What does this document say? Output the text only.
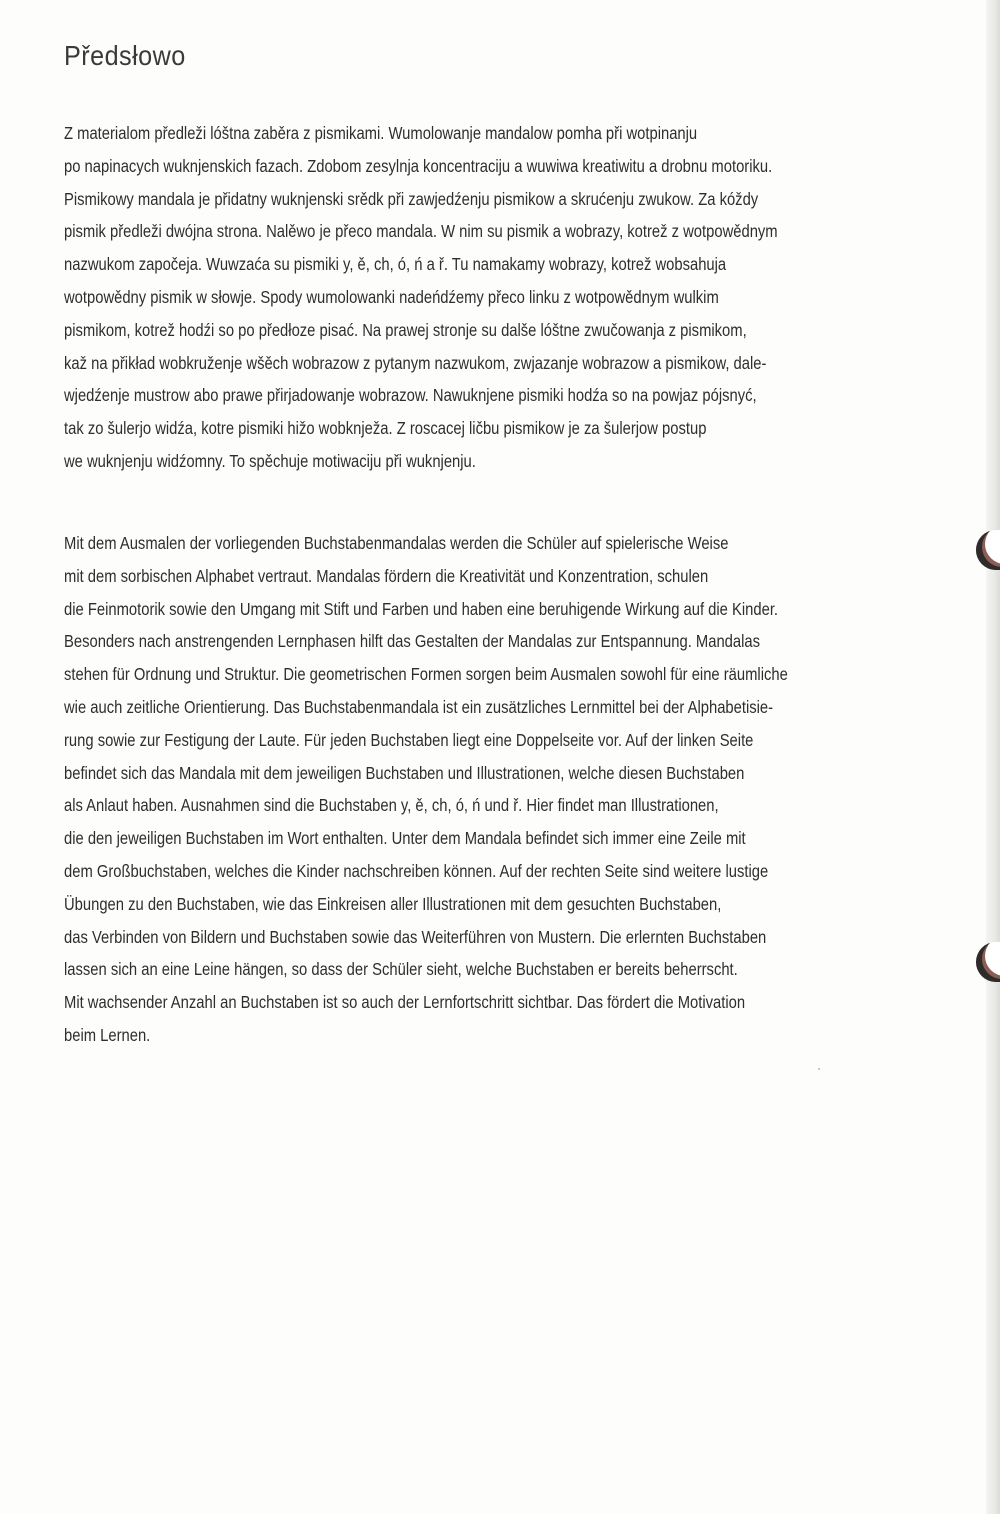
Předsłowo
Z materialom předleži lóštna zaběra z pismikami. Wumolowanje mandalow pomha při wotpinanju
po napinacych wuknjenskich fazach. Zdobom zesylnja koncentraciju a wuwiwa kreatiwitu a drobnu motoriku.
Pismikowy mandala je přidatny wuknjenski srědk při zawjedźenju pismikow a skrućenju zwukow. Za kóždy
pismik předleži dwójna strona. Nalěwo je přeco mandala. W nim su pismik a wobrazy, kotrež z wotpowědnym
nazwukom započeja. Wuwzaća su pismiki y, ě, ch, ó, ń a ř. Tu namakamy wobrazy, kotrež wobsahuja
wotpowědny pismik w słowje. Spody wumolowanki nadeńdźemy přeco linku z wotpowědnym wulkim
pismikom, kotrež hodźi so po předłoze pisać. Na prawej stronje su dalše lóštne zwučowanja z pismikom,
kaž na přikład wobkruženje wšěch wobrazow z pytanym nazwukom, zwjazanje wobrazow a pismikow, dale-
wjedźenje mustrow abo prawe přirjadowanje wobrazow. Nawuknjene pismiki hodźa so na powjaz pójsnyć,
tak zo šulerjo widźa, kotre pismiki hižo wobknježa. Z roscacej ličbu pismikow je za šulerjow postup
we wuknjenju widźomny. To spěchuje motiwaciju při wuknjenju.
Mit dem Ausmalen der vorliegenden Buchstabenmandalas werden die Schüler auf spielerische Weise
mit dem sorbischen Alphabet vertraut. Mandalas fördern die Kreativität und Konzentration, schulen
die Feinmotorik sowie den Umgang mit Stift und Farben und haben eine beruhigende Wirkung auf die Kinder.
Besonders nach anstrengenden Lernphasen hilft das Gestalten der Mandalas zur Entspannung. Mandalas
stehen für Ordnung und Struktur. Die geometrischen Formen sorgen beim Ausmalen sowohl für eine räumliche
wie auch zeitliche Orientierung. Das Buchstabenmandala ist ein zusätzliches Lernmittel bei der Alphabetisie-
rung sowie zur Festigung der Laute. Für jeden Buchstaben liegt eine Doppelseite vor. Auf der linken Seite
befindet sich das Mandala mit dem jeweiligen Buchstaben und Illustrationen, welche diesen Buchstaben
als Anlaut haben. Ausnahmen sind die Buchstaben y, ě, ch, ó, ń und ř. Hier findet man Illustrationen,
die den jeweiligen Buchstaben im Wort enthalten. Unter dem Mandala befindet sich immer eine Zeile mit
dem Großbuchstaben, welches die Kinder nachschreiben können. Auf der rechten Seite sind weitere lustige
Übungen zu den Buchstaben, wie das Einkreisen aller Illustrationen mit dem gesuchten Buchstaben,
das Verbinden von Bildern und Buchstaben sowie das Weiterführen von Mustern. Die erlernten Buchstaben
lassen sich an eine Leine hängen, so dass der Schüler sieht, welche Buchstaben er bereits beherrscht.
Mit wachsender Anzahl an Buchstaben ist so auch der Lernfortschritt sichtbar. Das fördert die Motivation
beim Lernen.
